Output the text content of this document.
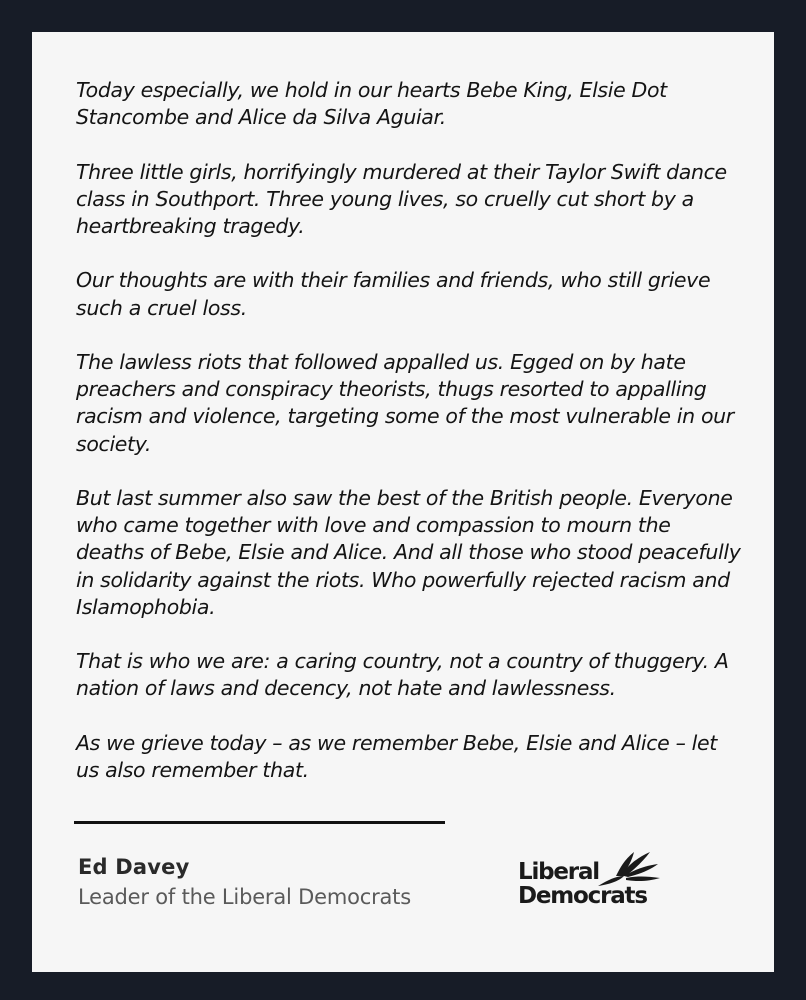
Today especially, we hold in our hearts Bebe King, Elsie Dot Stancombe and Alice da Silva Aguiar.

Three little girls, horrifyingly murdered at their Taylor Swift dance class in Southport. Three young lives, so cruelly cut short by a heartbreaking tragedy.

Our thoughts are with their families and friends, who still grieve such a cruel loss.

The lawless riots that followed appalled us. Egged on by hate preachers and conspiracy theorists, thugs resorted to appalling racism and violence, targeting some of the most vulnerable in our society.

But last summer also saw the best of the British people. Everyone who came together with love and compassion to mourn the deaths of Bebe, Elsie and Alice. And all those who stood peacefully in solidarity against the riots. Who powerfully rejected racism and Islamophobia.

That is who we are: a caring country, not a country of thuggery. A nation of laws and decency, not hate and lawlessness.

As we grieve today – as we remember Bebe, Elsie and Alice – let us also remember that.

Ed Davey
Leader of the Liberal Democrats
Liberal
Democrats
